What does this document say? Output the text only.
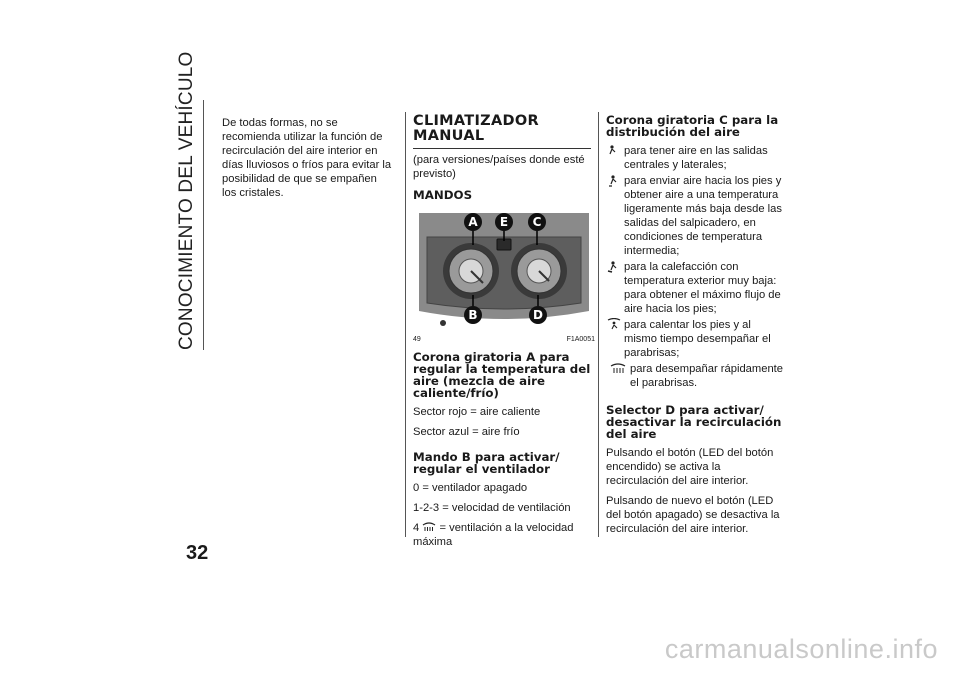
CONOCIMIENTO DEL VEHÍCULO
32

De todas formas, no se recomienda utilizar la función de recirculación del aire interior en días lluviosos o fríos para evitar la posibilidad de que se empañen los cristales.

CLIMATIZADOR
MANUAL

(para versiones/países donde esté previsto)

MANDOS
A E C
B	D
49	F1A0051
Corona giratoria A para regular la temperatura del aire (mezcla de aire caliente/frío)

Sector rojo = aire caliente

Sector azul = aire frío

Mando B para activar/ regular el ventilador

0 = ventilador apagado

1-2-3 = velocidad de ventilación

4 = ventilación a la velocidad máxima

Corona giratoria C para la distribución del aire
para tener aire en las salidas centrales y laterales;
para enviar aire hacia los pies y obtener aire a una temperatura ligeramente más baja desde las salidas del salpicadero, en condiciones de temperatura intermedia;
para la calefacción con temperatura exterior muy baja: para obtener el máximo flujo de aire hacia los pies;
para calentar los pies y al mismo tiempo desempañar el parabrisas;
para desempañar rápidamente el parabrisas.
Selector D para activar/ desactivar la recirculación del aire

Pulsando el botón (LED del botón encendido) se activa la recirculación del aire interior.

Pulsando de nuevo el botón (LED del botón apagado) se desactiva la recirculación del aire interior.

carmanualsonline.info
